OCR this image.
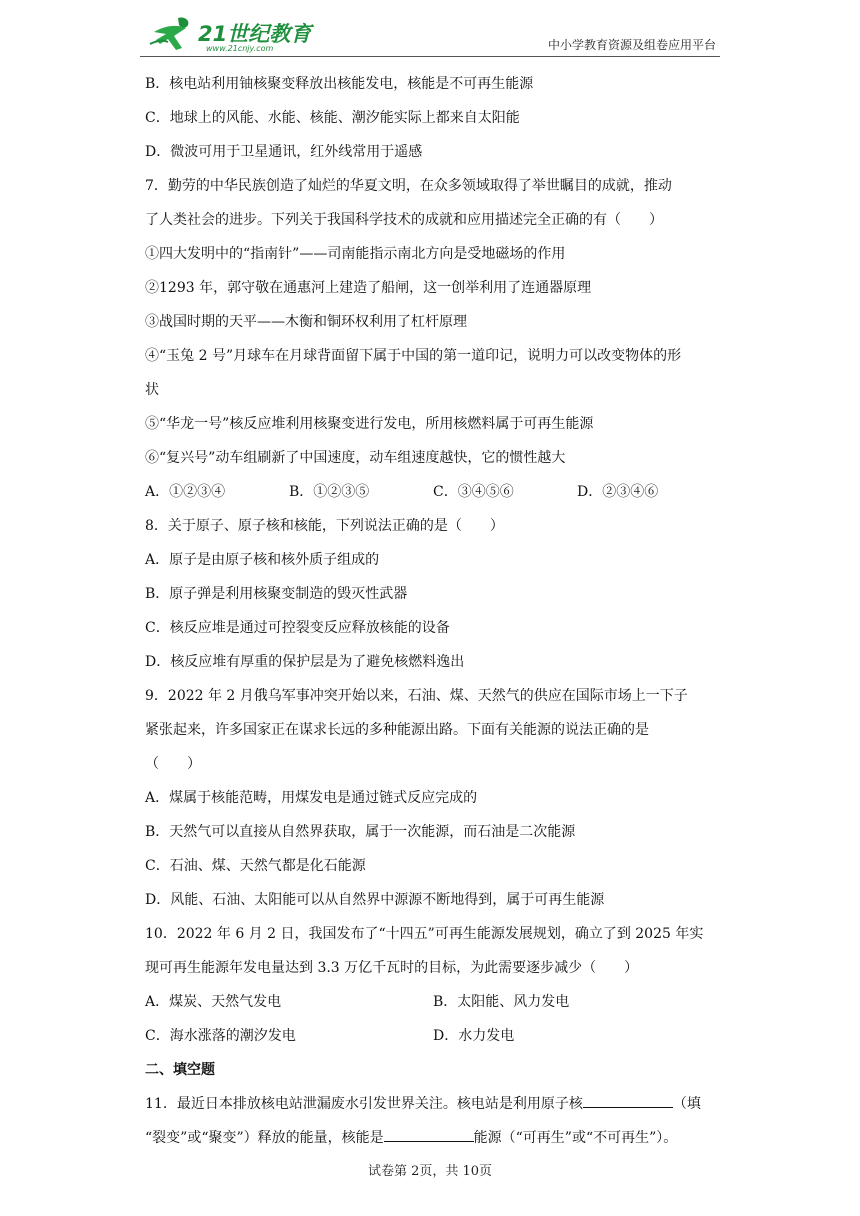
21世纪教育
www.21cnjy.com	中小学教育资源及组卷应用平台
B．核电站利用铀核聚变释放出核能发电，核能是不可再生能源
C．地球上的风能、水能、核能、潮汐能实际上都来自太阳能
D．微波可用于卫星通讯，红外线常用于遥感
7．勤劳的中华民族创造了灿烂的华夏文明，在众多领域取得了举世瞩目的成就，推动
了人类社会的进步。下列关于我国科学技术的成就和应用描述完全正确的有（　　）
①四大发明中的“指南针”——司南能指示南北方向是受地磁场的作用
②1293 年，郭守敬在通惠河上建造了船闸，这一创举利用了连通器原理
③战国时期的天平——木衡和铜环权利用了杠杆原理
④“玉兔 2 号”月球车在月球背面留下属于中国的第一道印记，说明力可以改变物体的形
状
⑤“华龙一号”核反应堆利用核聚变进行发电，所用核燃料属于可再生能源
⑥“复兴号”动车组刷新了中国速度，动车组速度越快，它的惯性越大
A．①②③④	B．①②③⑤	C．③④⑤⑥	D．②③④⑥
8．关于原子、原子核和核能，下列说法正确的是（　　）
A．原子是由原子核和核外质子组成的
B．原子弹是利用核聚变制造的毁灭性武器
C．核反应堆是通过可控裂变反应释放核能的设备
D．核反应堆有厚重的保护层是为了避免核燃料逸出
9．2022 年 2 月俄乌军事冲突开始以来，石油、煤、天然气的供应在国际市场上一下子
紧张起来，许多国家正在谋求长远的多种能源出路。下面有关能源的说法正确的是
（　　）
A．煤属于核能范畴，用煤发电是通过链式反应完成的
B．天然气可以直接从自然界获取，属于一次能源，而石油是二次能源
C．石油、煤、天然气都是化石能源
D．风能、石油、太阳能可以从自然界中源源不断地得到，属于可再生能源
10．2022 年 6 月 2 日，我国发布了“十四五”可再生能源发展规划，确立了到 2025 年实
现可再生能源年发电量达到 3.3 万亿千瓦时的目标，为此需要逐步减少（　　）
A．煤炭、天然气发电	B．太阳能、风力发电
C．海水涨落的潮汐发电	D．水力发电
二、填空题
11．最近日本排放核电站泄漏废水引发世界关注。核电站是利用原子核	（填
“裂变”或“聚变”）释放的能量，核能是	能源（“可再生”或“不可再生”）。
试卷第 2页，共 10页
